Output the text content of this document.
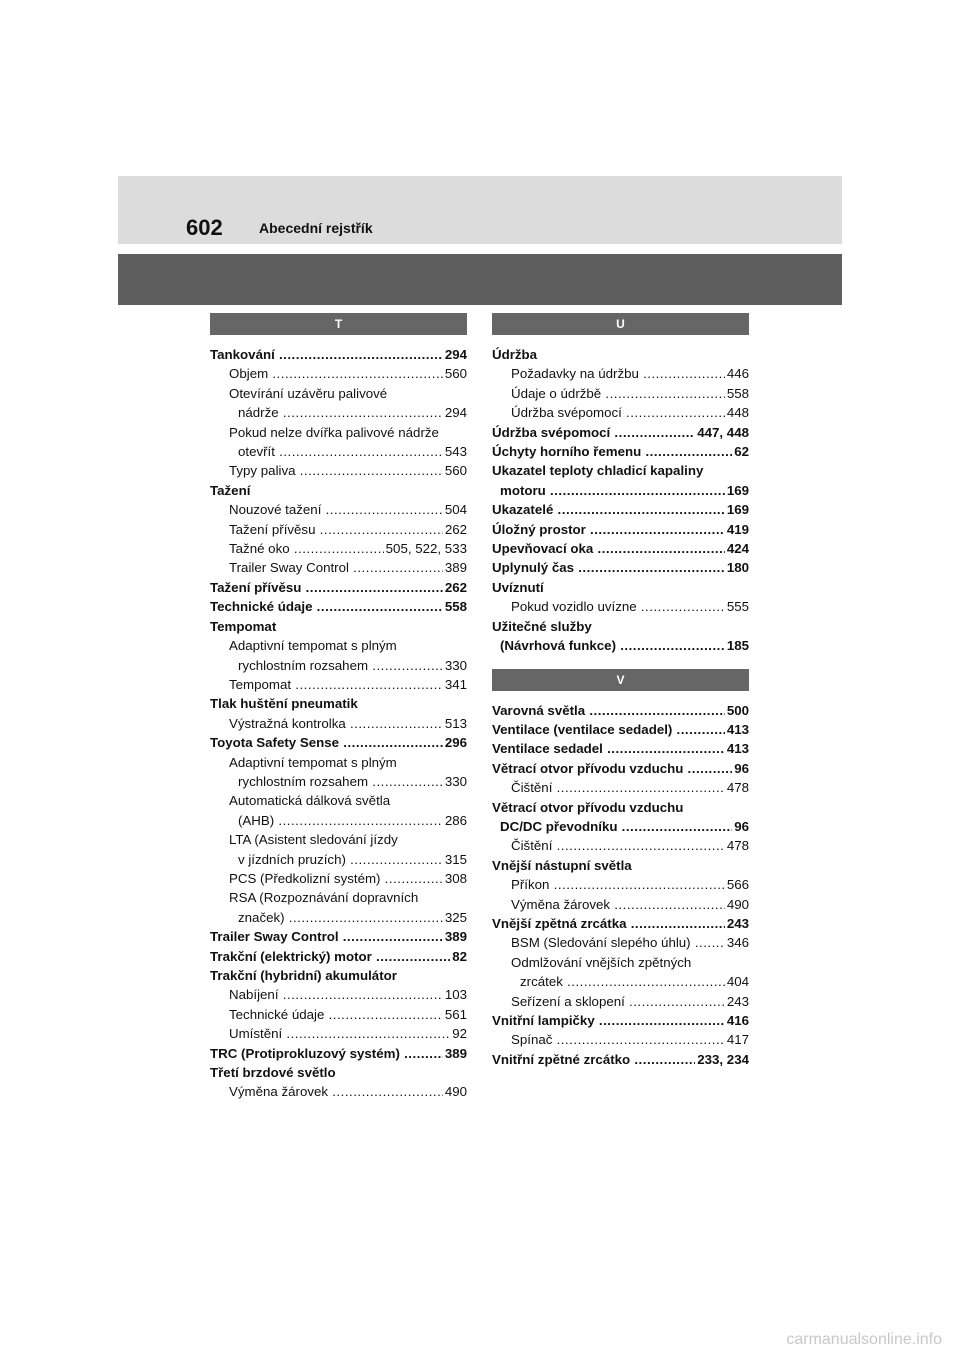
602	Abecední rejstřík
T
Tankování	294
.....
Objem	560
.....
Otevírání uzávěru palivové
nádrže	294
.....
Pokud nelze dvířka palivové nádrže
otevřít	543
.....
Typy paliva	560
.....
Tažení
Nouzové tažení	504
.....
Tažení přívěsu	262
.....
Tažné oko	505, 522, 533
.....
Trailer Sway Control	389
.....
Tažení přívěsu	262
.....
Technické údaje	558
.....
Tempomat
Adaptivní tempomat s plným
rychlostním rozsahem	330
.....
Tempomat	341
.....
Tlak huštění pneumatik
Výstražná kontrolka	513
.....
Toyota Safety Sense	296
.....
Adaptivní tempomat s plným
rychlostním rozsahem	330
.....
Automatická dálková světla
(AHB)	286
.....
LTA (Asistent sledování jízdy
v jízdních pruzích)	315
.....
PCS (Předkolizní systém)	308
.....
RSA (Rozpoznávání dopravních
značek)	325
.....
Trailer Sway Control	389
.....
Trakční (elektrický) motor	82
.....
Trakční (hybridní) akumulátor
Nabíjení	103
.....
Technické údaje	561
.....
Umístění	92
.....
TRC (Protiprokluzový systém)	389
.....
Třetí brzdové světlo
Výměna žárovek	490
.....
U
Údržba
Požadavky na údržbu	446
.....
Údaje o údržbě	558
.....
Údržba svépomocí	448
.....
Údržba svépomocí	447, 448
.....
Úchyty horního řemenu	62
.....
Ukazatel teploty chladicí kapaliny
motoru	169
.....
Ukazatelé	169
.....
Úložný prostor	419
.....
Upevňovací oka	424
.....
Uplynulý čas	180
.....
Uvíznutí
Pokud vozidlo uvízne	555
.....
Užitečné služby
(Návrhová funkce)	185
.....
V
Varovná světla	500
.....
Ventilace (ventilace sedadel)	413
.....
Ventilace sedadel	413
.....
Větrací otvor přívodu vzduchu	96
.....
Čištění	478
.....
Větrací otvor přívodu vzduchu
DC/DC převodníku	96
.....
Čištění	478
.....
Vnější nástupní světla
Příkon	566
.....
Výměna žárovek	490
.....
Vnější zpětná zrcátka	243
.....
BSM (Sledování slepého úhlu)	346
.....
Odmlžování vnějších zpětných
zrcátek	404
.....
Seřízení a sklopení	243
.....
Vnitřní lampičky	416
.....
Spínač	417
.....
Vnitřní zpětné zrcátko	233, 234
.....
carmanualsonline.info
